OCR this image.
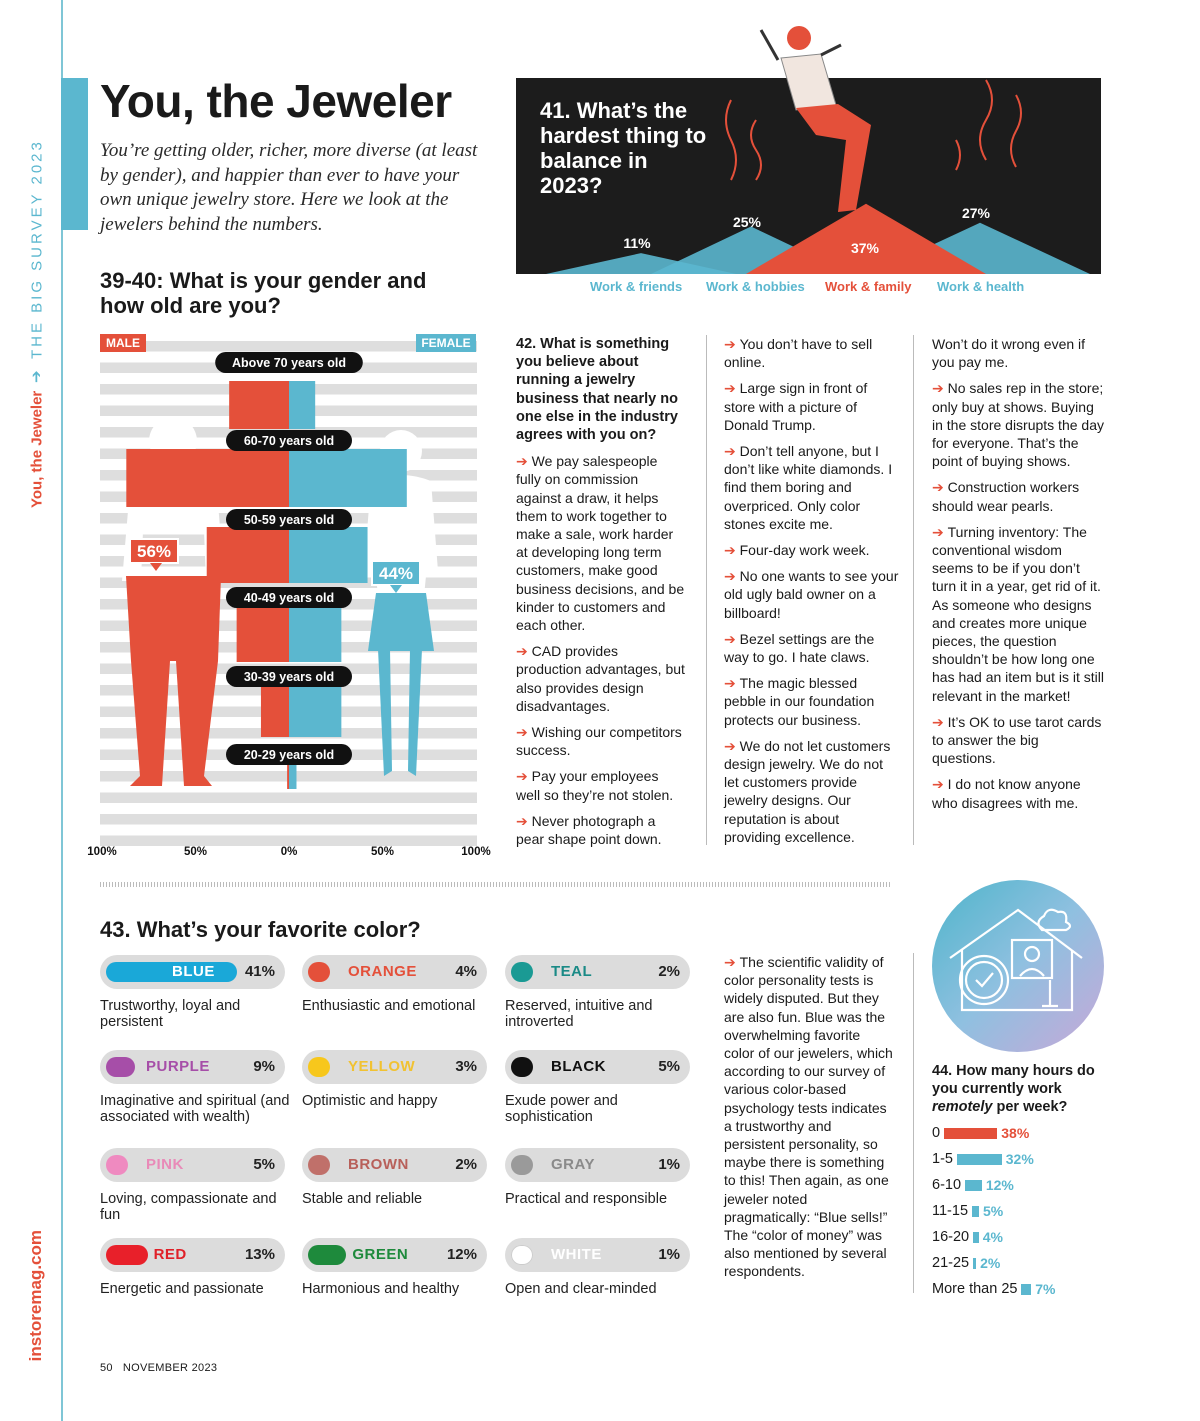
You, the Jeweler
➔
THE BIG SURVEY 2023
instoremag.com
You, the Jeweler
You’re getting older, richer, more diverse (at least by gender), and happier than ever to have your own unique jewelry store. Here we look at the jewelers behind the numbers.
39-40: What is your gender and how old are you?
MALE	FEMALE
Above 70 years old
60-70 years old
50-59 years old
40-49 years old
30-39 years old
20-29 years old
56%
44%
100%	50%	0%	50%	100%
11%
25%
37%
27%
41. What’s the hardest thing to balance in 2023?
Work & friends Work & hobbies Work & family Work & health

42. What is something you believe about running a jewelry business that nearly no one else in the industry agrees with you on?

➔ We pay salespeople fully on commission against a draw, it helps them to work together to make a sale, work harder at developing long term customers, make good business decisions, and be kinder to customers and each other.

➔ CAD provides production advantages, but also provides design disadvantages.

➔ Wishing our competitors success.

➔ Pay your employees well so they’re not stolen.

➔ Never photograph a pear shape point down.

➔ You don’t have to sell online.

➔ Large sign in front of store with a picture of Donald Trump.

➔ Don’t tell anyone, but I don’t like white diamonds. I find them boring and overpriced. Only color stones excite me.

➔ Four-day work week.

➔ No one wants to see your old ugly bald owner on a billboard!

➔ Bezel settings are the way to go. I hate claws.

➔ The magic blessed pebble in our foundation protects our business.

➔ We do not let customers design jewelry. We do not let customers provide jewelry designs. Our reputation is about providing excellence.

Won’t do it wrong even if you pay me.

➔ No sales rep in the store; only buy at shows. Buying in the store disrupts the day for everyone. That’s the point of buying shows.

➔ Construction workers should wear pearls.

➔ Turning inventory: The conventional wisdom seems to be if you don’t turn it in a year, get rid of it. As someone who designs and creates more unique pieces, the question shouldn’t be how long one has had an item but is it still relevant in the market!

➔ It’s OK to use tarot cards to answer the big questions.

➔ I do not know anyone who disagrees with me.

43. What’s your favorite color?
BLUE 41%
Trustworthy, loyal and persistent
ORANGE	4%
Enthusiastic and emotional
TEAL	2%
Reserved, intuitive and introverted
PURPLE	9%
Imaginative and spiritual (and associated with wealth)
YELLOW	3%
Optimistic and happy
BLACK	5%
Exude power and sophistication
PINK	5%
Loving, compassionate and fun
BROWN	2%
Stable and reliable
GRAY	1%
Practical and responsible
RED	13%
Energetic and passionate
GREEN	12%
Harmonious and healthy
WHITE	1%
Open and clear-minded

➔ The scientific validity of color personality tests is widely disputed. But they are also fun. Blue was the overwhelming favorite color of our jewelers, which according to our survey of various color-based psychology tests indicates a trustworthy and persistent personality, so maybe there is something to this! Then again, as one jeweler noted pragmatically: “Blue sells!” The “color of money” was also mentioned by several respondents.

44. How many hours do you currently work remotely per week?
0	38%
1-5	32%
6-10 12%
11-15 5%
16-20 4%
21-25 2%
More than 25 7%
50 NOVEMBER 2023
